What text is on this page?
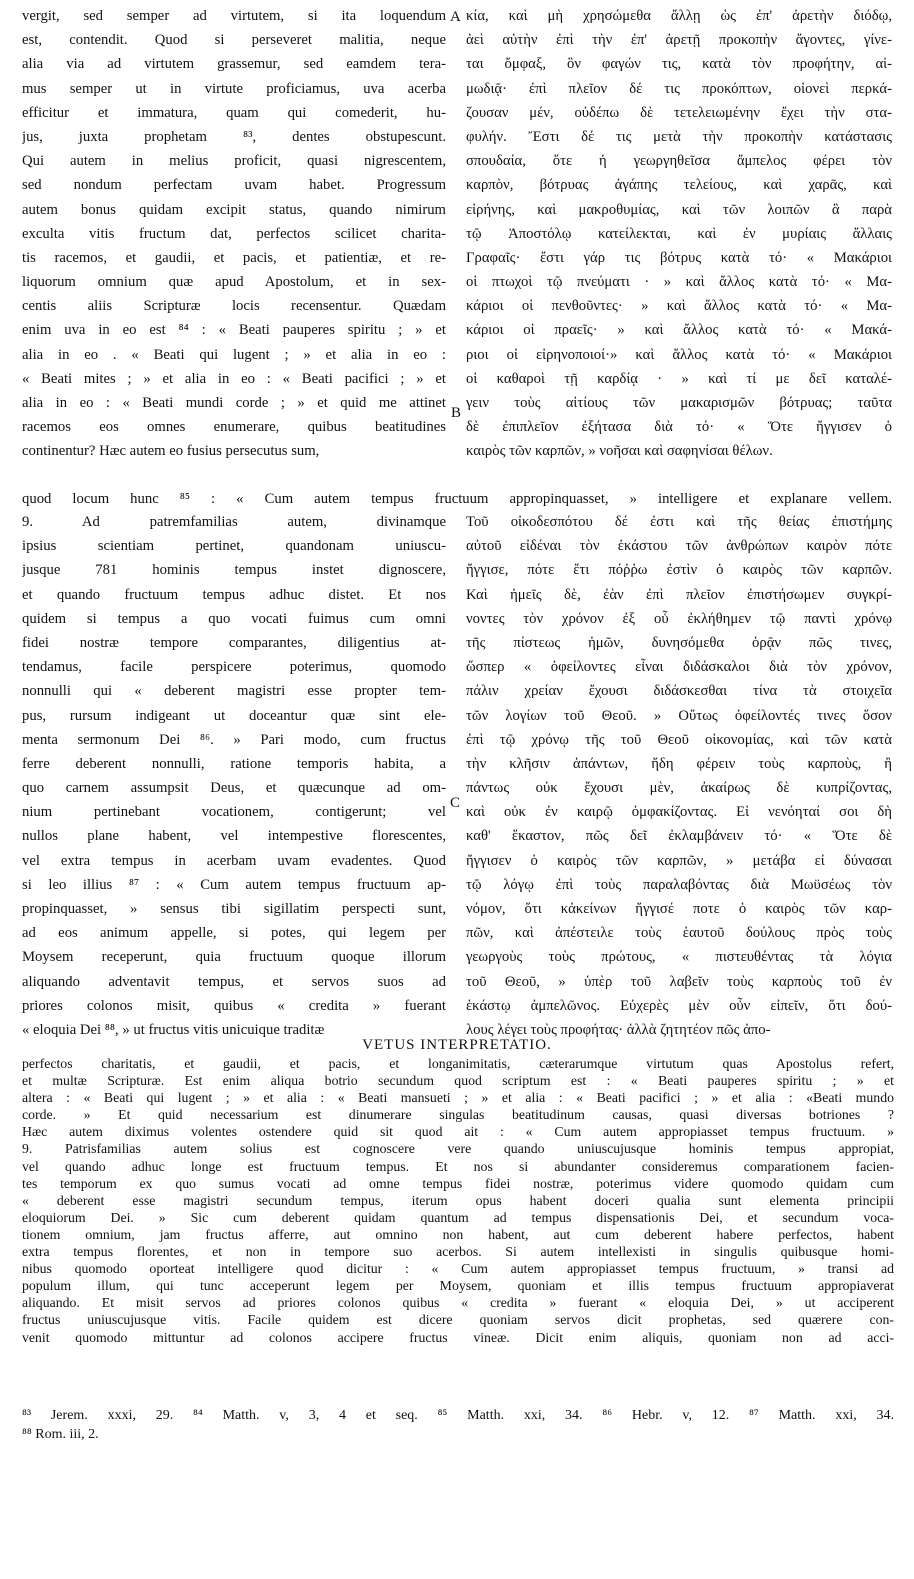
vergit, sed semper ad virtutem, si ita loquendum
est, contendit. Quod si perseveret malitia, neque
alia via ad virtutem grassemur, sed eamdem tera-
mus semper ut in virtute proficiamus, uva acerba
efficitur et immatura, quam qui comederit, hu-
jus, juxta prophetam ⁸³, dentes obstupescunt.
Qui autem in melius proficit, quasi nigrescentem,
sed nondum perfectam uvam habet. Progressum
autem bonus quidam excipit status, quando nimirum
exculta vitis fructum dat, perfectos scilicet charita-
tis racemos, et gaudii, et pacis, et patientiæ, et re-
liquorum omnium quæ apud Apostolum, et in sex-
centis aliis Scripturæ locis recensentur. Quædam
enim uva in eo est ⁸⁴ : « Beati pauperes spiritu ; » et
alia in eo . « Beati qui lugent ; » et alia in eo :
« Beati mites ; » et alia in eo : « Beati pacifici ; » et
alia in eo : « Beati mundi corde ; » et quid me attinet
racemos eos omnes enumerare, quibus beatitudines
continentur? Hæc autem eo fusius persecutus sum,
κία, καὶ μὴ χρησώμεθα ἄλλῃ ὡς ἐπ' ἀρετὴν διόδῳ,
ἀεὶ αὐτὴν ἐπὶ τὴν ἐπ' ἀρετῇ προκοπὴν ἄγοντες, γίνε-
ται ὄμφαξ, ὃν φαγών τις, κατὰ τὸν προφήτην, αἱ-
μωδιᾷ· ἐπὶ πλεῖον δέ τις προκόπτων, οἱονεὶ περκά-
ζουσαν μέν, οὐδέπω δὲ τετελειωμένην ἔχει τὴν στα-
φυλήν. Ἔστι δέ τις μετὰ τὴν προκοπὴν κατάστασις
σπουδαία, ὅτε ἡ γεωργηθεῖσα ἄμπελος φέρει τὸν
καρπὸν, βότρυας ἀγάπης τελείους, καὶ χαρᾶς, καὶ
εἰρήνης, καὶ μακροθυμίας, καὶ τῶν λοιπῶν ἃ παρὰ
τῷ Ἀποστόλῳ κατείλεκται, καὶ ἐν μυρίαις ἄλλαις
Γραφαῖς· ἔστι γάρ τις βότρυς κατὰ τό· « Μακάριοι
οἱ πτωχοὶ τῷ πνεύματι · » καὶ ἄλλος κατὰ τό· « Μα-
κάριοι οἱ πενθοῦντες· » καὶ ἄλλος κατὰ τό· « Μα-
κάριοι οἱ πραεῖς· » καὶ ἄλλος κατὰ τό· « Μακά-
ριοι οἱ εἰρηνοποιοί·» καὶ ἄλλος κατὰ τό· « Μακάριοι
οἱ καθαροὶ τῇ καρδίᾳ · » καὶ τί με δεῖ καταλέ-
γειν τοὺς αἰτίους τῶν μακαρισμῶν βότρυας; ταῦτα
δὲ ἐπιπλεῖον ἐξήτασα διὰ τό· « Ὅτε ἤγγισεν ὁ
καιρὸς τῶν καρπῶν, » νοῆσαι καὶ σαφηνίσαι θέλων.
A
B
C
quod locum hunc ⁸⁵ : « Cum autem tempus fructuum appropinquasset, » intelligere et explanare vellem.
9. Ad patremfamilias autem, divinamque
ipsius scientiam pertinet, quandonam uniuscu-
jusque 781 hominis tempus instet dignoscere,
et quando fructuum tempus adhuc distet. Et nos
quidem si tempus a quo vocati fuimus cum omni
fidei nostræ tempore comparantes, diligentius at-
tendamus, facile perspicere poterimus, quomodo
nonnulli qui « deberent magistri esse propter tem-
pus, rursum indigeant ut doceantur quæ sint ele-
menta sermonum Dei ⁸⁶. » Pari modo, cum fructus
ferre deberent nonnulli, ratione temporis habita, a
quo carnem assumpsit Deus, et quæcunque ad om-
nium pertinebant vocationem, contigerunt; vel
nullos plane habent, vel intempestive florescentes,
vel extra tempus in acerbam uvam evadentes. Quod
si leo illius ⁸⁷ : « Cum autem tempus fructuum ap-
propinquasset, » sensus tibi sigillatim perspecti sunt,
ad eos animum appelle, si potes, qui legem per
Moysem receperunt, quia fructuum quoque illorum
aliquando adventavit tempus, et servos suos ad
priores colonos misit, quibus « credita » fuerant
« eloquia Dei ⁸⁸, » ut fructus vitis unicuique traditæ
Τοῦ οἰκοδεσπότου δέ ἐστι καὶ τῆς θείας ἐπιστήμης
αὐτοῦ εἰδέναι τὸν ἑκάστου τῶν ἀνθρώπων καιρὸν πότε
ἤγγισε, πότε ἔτι πόῤῥω ἐστὶν ὁ καιρὸς τῶν καρπῶν.
Καὶ ἡμεῖς δὲ, ἐὰν ἐπὶ πλεῖον ἐπιστήσωμεν συγκρί-
νοντες τὸν χρόνον ἐξ οὗ ἐκλήθημεν τῷ παντὶ χρόνῳ
τῆς πίστεως ἡμῶν, δυνησόμεθα ὁρᾷν πῶς τινες,
ὥσπερ « ὀφείλοντες εἶναι διδάσκαλοι διὰ τὸν χρόνον,
πάλιν χρείαν ἔχουσι διδάσκεσθαι τίνα τὰ στοιχεῖα
τῶν λογίων τοῦ Θεοῦ. » Οὕτως ὀφείλοντές τινες ὅσον
ἐπὶ τῷ χρόνῳ τῆς τοῦ Θεοῦ οἰκονομίας, καὶ τῶν κατὰ
τὴν κλῆσιν ἁπάντων, ἤδη φέρειν τοὺς καρποὺς, ἢ
πάντως οὐκ ἔχουσι μὲν, ἀκαίρως δὲ κυπρίζοντας,
καὶ οὐκ ἐν καιρῷ ὀμφακίζοντας. Εἰ νενόηταί σοι δὴ
καθ' ἕκαστον, πῶς δεῖ ἐκλαμβάνειν τό· « Ὅτε δὲ
ἤγγισεν ὁ καιρὸς τῶν καρπῶν, » μετάβα εἰ δύνασαι
τῷ λόγῳ ἐπὶ τοὺς παραλαβόντας διὰ Μωϋσέως τὸν
νόμον, ὅτι κἀκείνων ἤγγισέ ποτε ὁ καιρὸς τῶν καρ-
πῶν, καὶ ἀπέστειλε τοὺς ἑαυτοῦ δούλους πρὸς τοὺς
γεωργοὺς τοὺς πρώτους, « πιστευθέντας τὰ λόγια
τοῦ Θεοῦ, » ὑπὲρ τοῦ λαβεῖν τοὺς καρποὺς τοῦ ἐν
ἑκάστῳ ἀμπελῶνος. Εὐχερὲς μὲν οὖν εἰπεῖν, ὅτι δού-
λους λέγει τοὺς προφήτας· ἀλλὰ ζητητέον πῶς ἀπο-
VETUS INTERPRETATIO.
perfectos charitatis, et gaudii, et pacis, et longanimitatis, cæterarumque virtutum quas Apostolus refert,
et multæ Scripturæ. Est enim aliqua botrio secundum quod scriptum est : « Beati pauperes spiritu ; » et
altera : « Beati qui lugent ; » et alia : « Beati mansueti ; » et alia : « Beati pacifici ; » et alia : «Beati mundo
corde. » Et quid necessarium est dinumerare singulas beatitudinum causas, quasi diversas botriones ?
Hæc autem diximus volentes ostendere quid sit quod ait : « Cum autem appropiasset tempus fructuum. »
9. Patrisfamilias autem solius est cognoscere vere quando uniuscujusque hominis tempus appropiat,
vel quando adhuc longe est fructuum tempus. Et nos si abundanter consideremus comparationem facien-
tes temporum ex quo sumus vocati ad omne tempus fidei nostræ, poterimus videre quomodo quidam cum
« deberent esse magistri secundum tempus, iterum opus habent doceri qualia sunt elementa principii
eloquiorum Dei. » Sic cum deberent quidam quantum ad tempus dispensationis Dei, et secundum voca-
tionem omnium, jam fructus afferre, aut omnino non habent, aut cum deberent habere perfectos, habent
extra tempus florentes, et non in tempore suo acerbos. Si autem intellexisti in singulis quibusque homi-
nibus quomodo oporteat intelligere quod dicitur : « Cum autem appropiasset tempus fructuum, » transi ad
populum illum, qui tunc acceperunt legem per Moysem, quoniam et illis tempus fructuum appropiaverat
aliquando. Et misit servos ad priores colonos quibus « credita » fuerant « eloquia Dei, » ut acciperent
fructus uniuscujusque vitis. Facile quidem est dicere quoniam servos dicit prophetas, sed quærere con-
venit quomodo mittuntur ad colonos accipere fructus vineæ. Dicit enim aliquis, quoniam non ad acci-
⁸³ Jerem. xxxi, 29. ⁸⁴ Matth. v, 3, 4 et seq. ⁸⁵ Matth. xxi, 34. ⁸⁶ Hebr. v, 12. ⁸⁷ Matth. xxi, 34.
⁸⁸ Rom. iii, 2.
